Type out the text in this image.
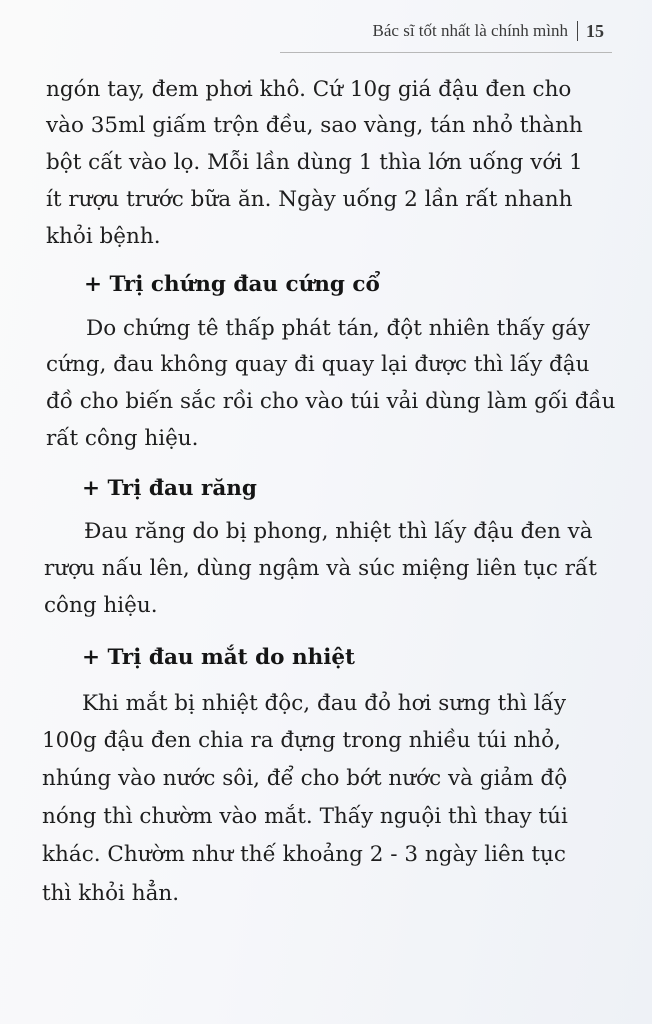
Bác sĩ tốt nhất là chính mình 15
ngón tay, đem phơi khô. Cứ 10g giá đậu đen cho
vào 35ml giấm trộn đều, sao vàng, tán nhỏ thành
bột cất vào lọ. Mỗi lần dùng 1 thìa lớn uống với 1
ít rượu trước bữa ăn. Ngày uống 2 lần rất nhanh
khỏi bệnh.
+ Trị chứng đau cứng cổ
Do chứng tê thấp phát tán, đột nhiên thấy gáy
cứng, đau không quay đi quay lại được thì lấy đậu
đồ cho biến sắc rồi cho vào túi vải dùng làm gối đầu
rất công hiệu.
+ Trị đau răng
Đau răng do bị phong, nhiệt thì lấy đậu đen và
rượu nấu lên, dùng ngậm và súc miệng liên tục rất
công hiệu.
+ Trị đau mắt do nhiệt
Khi mắt bị nhiệt độc, đau đỏ hơi sưng thì lấy
100g đậu đen chia ra đựng trong nhiều túi nhỏ,
nhúng vào nước sôi, để cho bớt nước và giảm độ
nóng thì chườm vào mắt. Thấy nguội thì thay túi
khác. Chườm như thế khoảng 2 - 3 ngày liên tục
thì khỏi hẳn.
